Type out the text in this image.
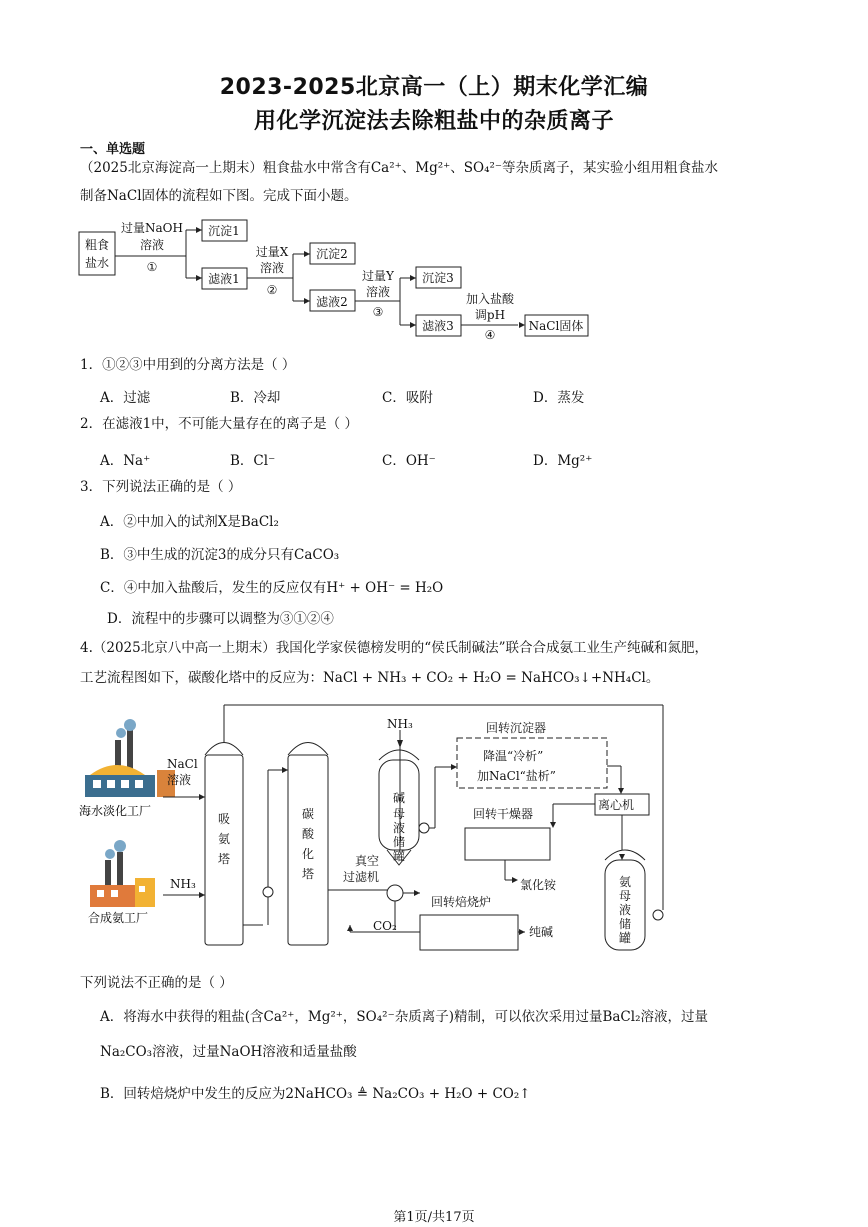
2023-2025北京高一（上）期末化学汇编
用化学沉淀法去除粗盐中的杂质离子
一、单选题
（2025北京海淀高一上期末）粗食盐水中常含有Ca²⁺、Mg²⁺、SO₄²⁻等杂质离子，某实验小组用粗食盐水
制备NaCl固体的流程如下图。完成下面小题。
粗食
盐水
过量NaOH
溶液
①
沉淀1
滤液1
过量X
溶液
②
沉淀2
滤液2
过量Y
溶液
③
沉淀3
滤液3
加入盐酸
调pH
④
NaCl固体
1．①②③中用到的分离方法是（ ）
A．过滤	B．冷却	C．吸附	D．蒸发
2．在滤液1中，不可能大量存在的离子是（ ）
A．Na⁺	B．Cl⁻	C．OH⁻	D．Mg²⁺
3．下列说法正确的是（ ）
A．②中加入的试剂X是BaCl₂
B．③中生成的沉淀3的成分只有CaCO₃
C．④中加入盐酸后，发生的反应仅有H⁺ + OH⁻ = H₂O
D．流程中的步骤可以调整为③①②④
4.（2025北京八中高一上期末）我国化学家侯德榜发明的“侯氏制碱法”联合合成氨工业生产纯碱和氮肥，
工艺流程图如下，碳酸化塔中的反应为：NaCl + NH₃ + CO₂ + H₂O = NaHCO₃↓+NH₄Cl。
海水淡化工厂
合成氨工厂
NaCl
溶液
NH₃
吸
氨
塔
碳
酸
化
塔
NH₃
碱
母
液
储
罐
回转沉淀器
降温“冷析”
加NaCl“盐析”
离心机
回转干燥器
氯化铵
真空
过滤机
回转焙烧炉
CO₂	纯碱
氨
母
液
储
罐
下列说法不正确的是（ ）
A．将海水中获得的粗盐(含Ca²⁺，Mg²⁺，SO₄²⁻杂质离子)精制，可以依次采用过量BaCl₂溶液，过量
Na₂CO₃溶液，过量NaOH溶液和适量盐酸
B．回转焙烧炉中发生的反应为2NaHCO₃ ≜ Na₂CO₃ + H₂O + CO₂↑
第1页/共17页
